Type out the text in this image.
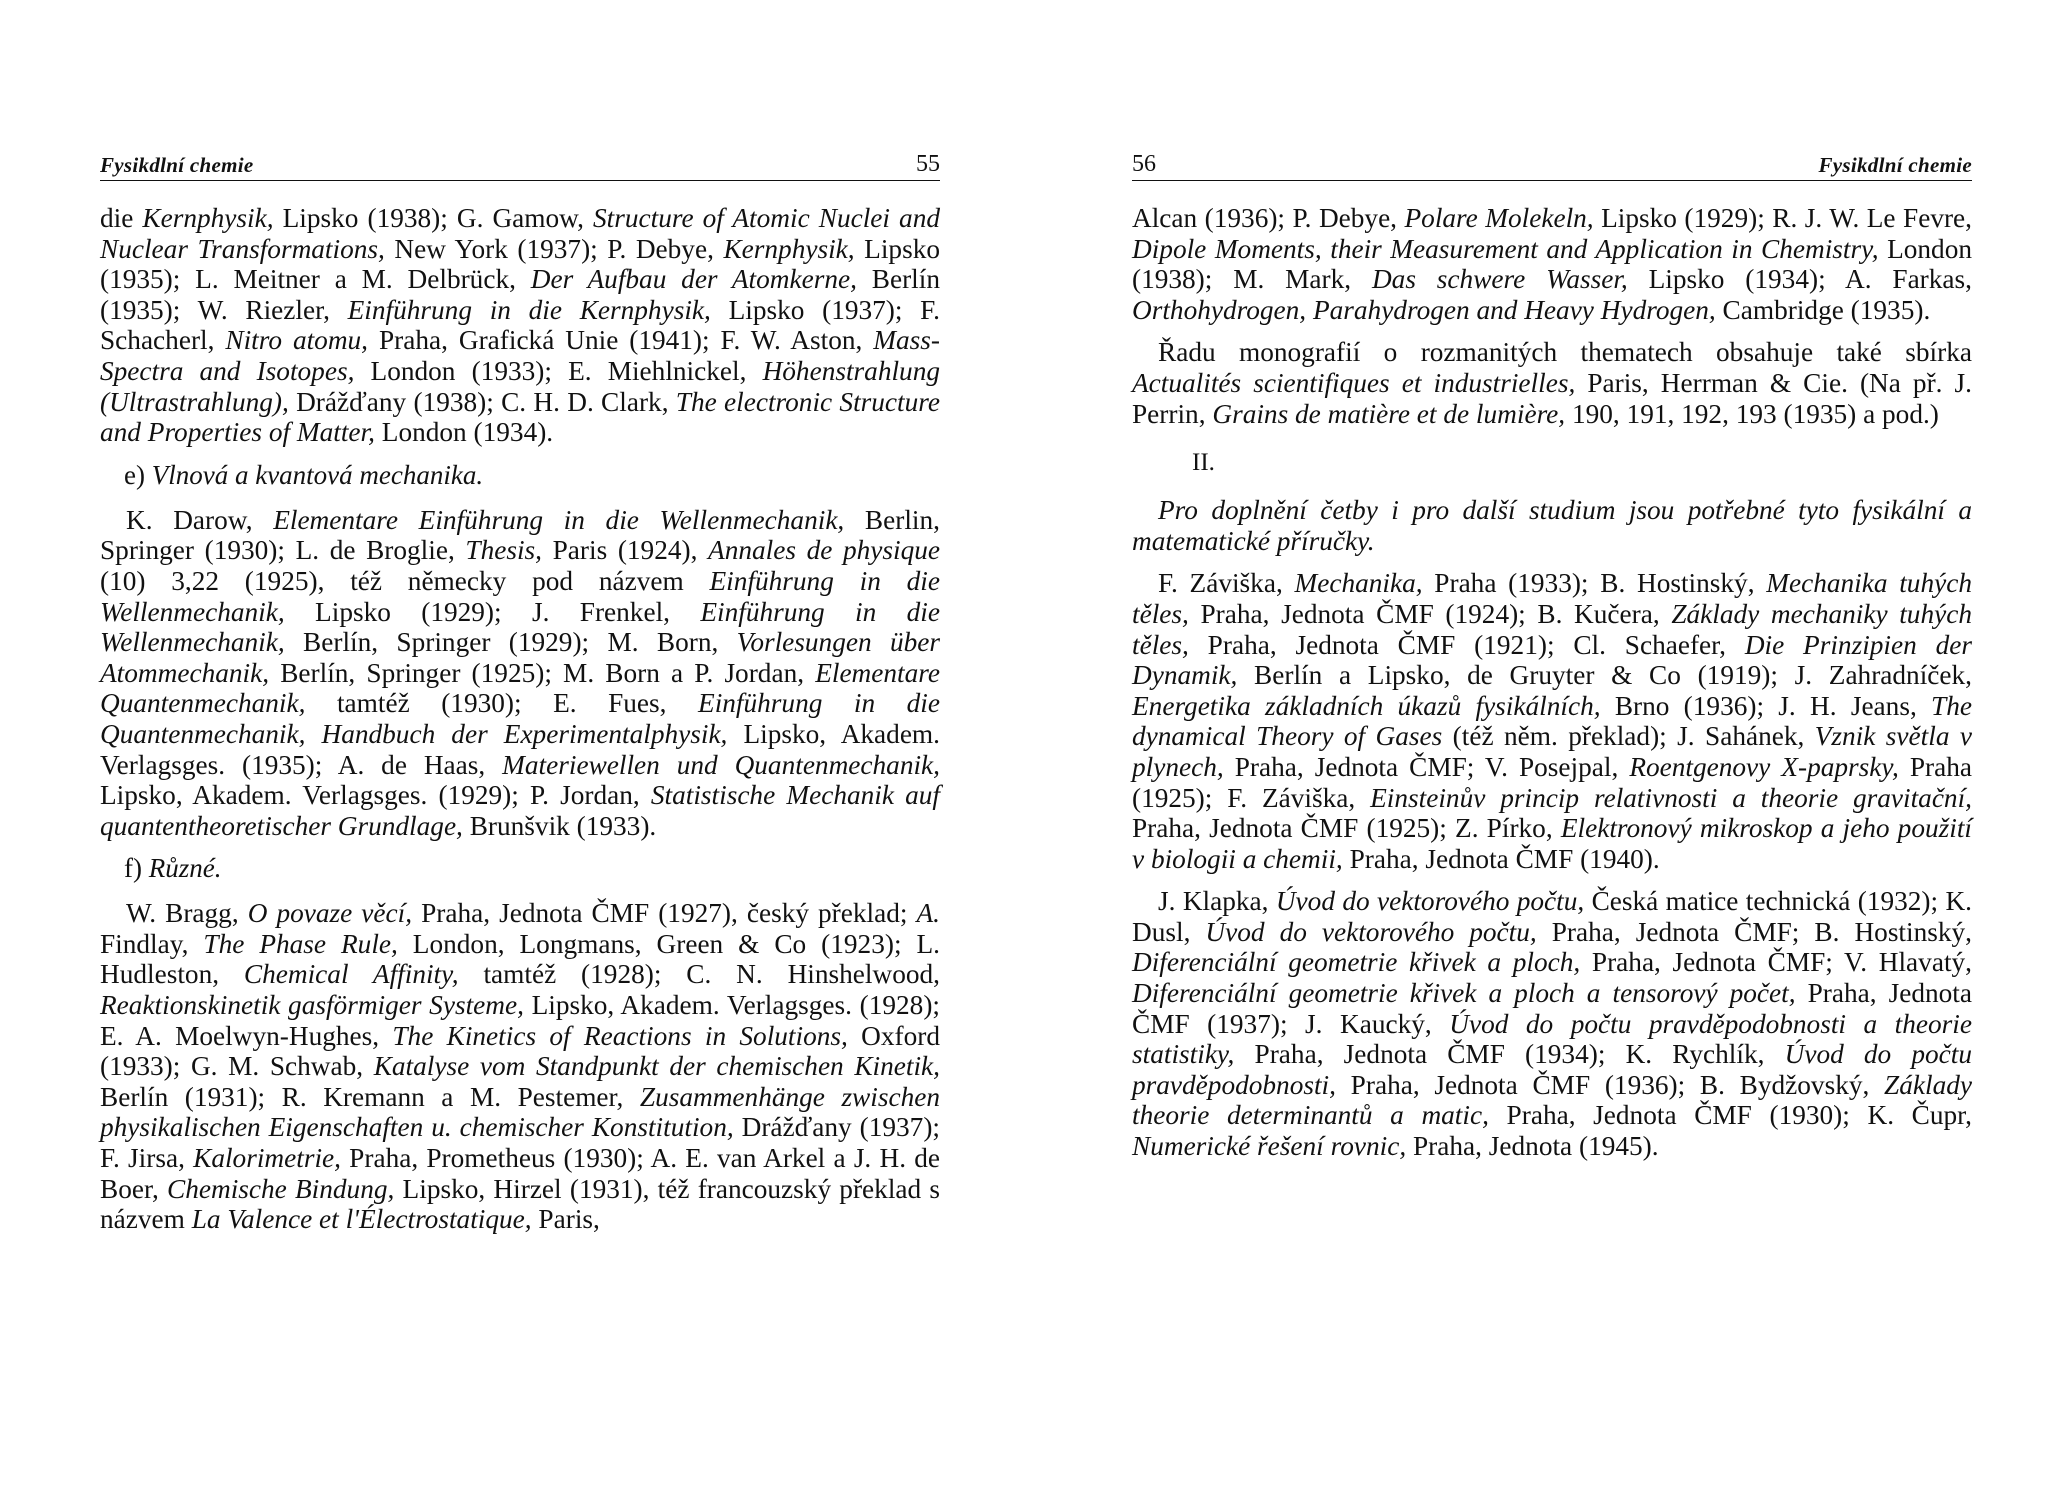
Fysikdlní chemie	55

die Kernphysik, Lipsko (1938); G. Gamow, Structure of Atomic Nuclei and Nuclear Transformations, New York (1937); P. Debye, Kernphysik, Lipsko (1935); L. Meitner a M. Delbrück, Der Aufbau der Atomkerne, Berlín (1935); W. Riezler, Einführung in die Kernphysik, Lipsko (1937); F. Schacherl, Nitro atomu, Praha, Grafická Unie (1941); F. W. Aston, Mass-Spectra and Isotopes, London (1933); E. Miehlnickel, Höhenstrahlung (Ultrastrahlung), Drážďany (1938); C. H. D. Clark, The electronic Structure and Properties of Matter, London (1934).

e) Vlnová a kvantová mechanika.

K. Darow, Elementare Einführung in die Wellenmechanik, Berlin, Springer (1930); L. de Broglie, Thesis, Paris (1924), Annales de physique (10) 3,22 (1925), též německy pod názvem Einführung in die Wellenmechanik, Lipsko (1929); J. Frenkel, Einführung in die Wellenmechanik, Berlín, Springer (1929); M. Born, Vorlesungen über Atommechanik, Berlín, Springer (1925); M. Born a P. Jordan, Elementare Quantenmechanik, tamtéž (1930); E. Fues, Einführung in die Quantenmechanik, Handbuch der Experimentalphysik, Lipsko, Akadem. Verlagsges. (1935); A. de Haas, Materiewellen und Quantenmechanik, Lipsko, Akadem. Verlagsges. (1929); P. Jordan, Statistische Mechanik auf quantentheoretischer Grundlage, Brunšvik (1933).

f) Různé.

W. Bragg, O povaze věcí, Praha, Jednota ČMF (1927), český překlad; A. Findlay, The Phase Rule, London, Longmans, Green & Co (1923); L. Hudleston, Chemical Affinity, tamtéž (1928); C. N. Hinshelwood, Reaktionskinetik gasförmiger Systeme, Lipsko, Akadem. Verlagsges. (1928); E. A. Moelwyn-Hughes, The Kinetics of Reactions in Solutions, Oxford (1933); G. M. Schwab, Katalyse vom Standpunkt der chemischen Kinetik, Berlín (1931); R. Kremann a M. Pestemer, Zusammenhänge zwischen physikalischen Eigenschaften u. chemischer Konstitution, Drážďany (1937); F. Jirsa, Kalorimetrie, Praha, Prometheus (1930); A. E. van Arkel a J. H. de Boer, Chemische Bindung, Lipsko, Hirzel (1931), též francouzský překlad s názvem La Valence et l'Électrostatique, Paris,

56	Fysikdlní chemie

Alcan (1936); P. Debye, Polare Molekeln, Lipsko (1929); R. J. W. Le Fevre, Dipole Moments, their Measurement and Application in Chemistry, London (1938); M. Mark, Das schwere Wasser, Lipsko (1934); A. Farkas, Orthohydrogen, Parahydrogen and Heavy Hydrogen, Cambridge (1935).

Řadu monografií o rozmanitých thematech obsahuje také sbírka Actualités scientifiques et industrielles, Paris, Herrman & Cie. (Na př. J. Perrin, Grains de matière et de lumière, 190, 191, 192, 193 (1935) a pod.)

II.

Pro doplnění četby i pro další studium jsou potřebné tyto fysikální a matematické příručky.

F. Záviška, Mechanika, Praha (1933); B. Hostinský, Mechanika tuhých těles, Praha, Jednota ČMF (1924); B. Kučera, Základy mechaniky tuhých těles, Praha, Jednota ČMF (1921); Cl. Schaefer, Die Prinzipien der Dynamik, Berlín a Lipsko, de Gruyter & Co (1919); J. Zahradníček, Energetika základních úkazů fysikálních, Brno (1936); J. H. Jeans, The dynamical Theory of Gases (též něm. překlad); J. Sahánek, Vznik světla v plynech, Praha, Jednota ČMF; V. Posejpal, Roentgenovy X-paprsky, Praha (1925); F. Záviška, Einsteinův princip relativnosti a theorie gravitační, Praha, Jednota ČMF (1925); Z. Pírko, Elektronový mikroskop a jeho použití v biologii a chemii, Praha, Jednota ČMF (1940).

J. Klapka, Úvod do vektorového počtu, Česká matice technická (1932); K. Dusl, Úvod do vektorového počtu, Praha, Jednota ČMF; B. Hostinský, Diferenciální geometrie křivek a ploch, Praha, Jednota ČMF; V. Hlavatý, Diferenciální geometrie křivek a ploch a tensorový počet, Praha, Jednota ČMF (1937); J. Kaucký, Úvod do počtu pravděpodobnosti a theorie statistiky, Praha, Jednota ČMF (1934); K. Rychlík, Úvod do počtu pravděpodobnosti, Praha, Jednota ČMF (1936); B. Bydžovský, Základy theorie determinantů a matic, Praha, Jednota ČMF (1930); K. Čupr, Numerické řešení rovnic, Praha, Jednota (1945).
